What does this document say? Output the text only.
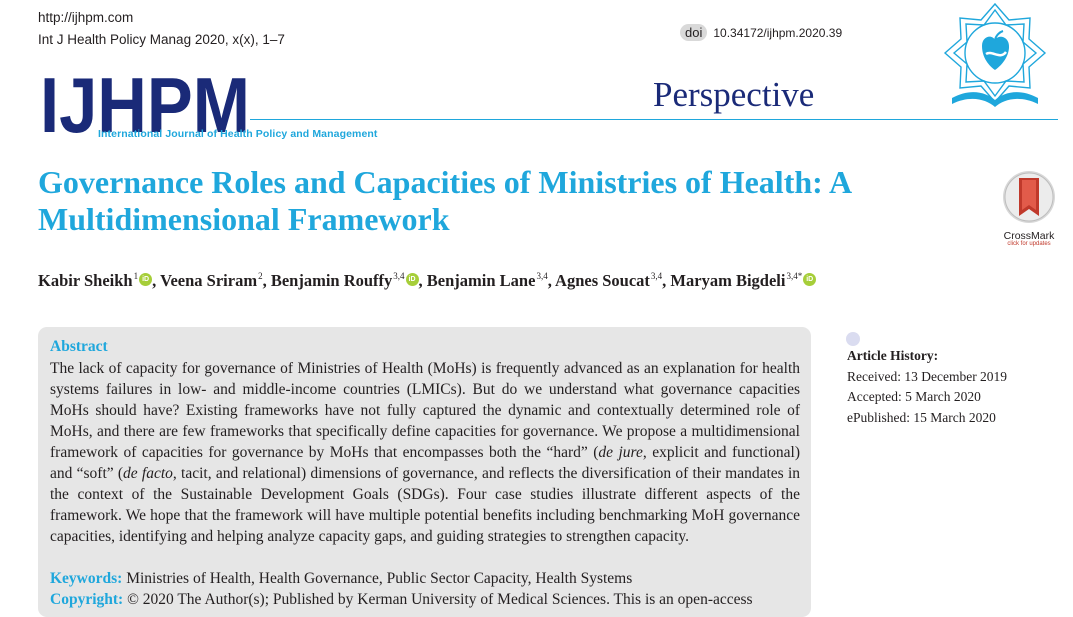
http://ijhpm.com
Int J Health Policy Manag 2020, x(x), 1–7	doi 10.34172/ijhpm.2020.39
IJHPM
International Journal of Health Policy and Management
Perspective
Governance Roles and Capacities of Ministries of Health: A
Multidimensional Framework	CrossMark
click for updates
Kabir Sheikh$^1$ iD , Veena Sriram$^2$, Benjamin Rouffy$^{3,4}$ iD , Benjamin Lane$^{3,4}$, Agnes Soucat$^{3,4}$, Maryam Bigdeli$^{3,4*}$ iD
Abstract
The lack of capacity for governance of Ministries of Health (MoHs) is frequently advanced as an explanation for health systems failures in low- and middle-income countries (LMICs). But do we understand what governance capacities MoHs should have? Existing frameworks have not fully captured the dynamic and contextually determined role of MoHs, and there are few frameworks that specifically define capacities for governance. We propose a multidimensional framework of capacities for governance by MoHs that encompasses both the “hard” (de jure, explicit and functional) and “soft” (de facto, tacit, and relational) dimensions of governance, and reflects the diversification of their mandates in the context of the Sustainable Development Goals (SDGs). Four case studies illustrate different aspects of the framework. We hope that the framework will have multiple potential benefits including benchmarking MoH governance capacities, identifying and helping analyze capacity gaps, and guiding strategies to strengthen capacity.
Keywords: Ministries of Health, Health Governance, Public Sector Capacity, Health Systems
Copyright: © 2020 The Author(s); Published by Kerman University of Medical Sciences. This is an open-access
Article History:
Received: 13 December 2019
Accepted: 5 March 2020
ePublished: 15 March 2020
